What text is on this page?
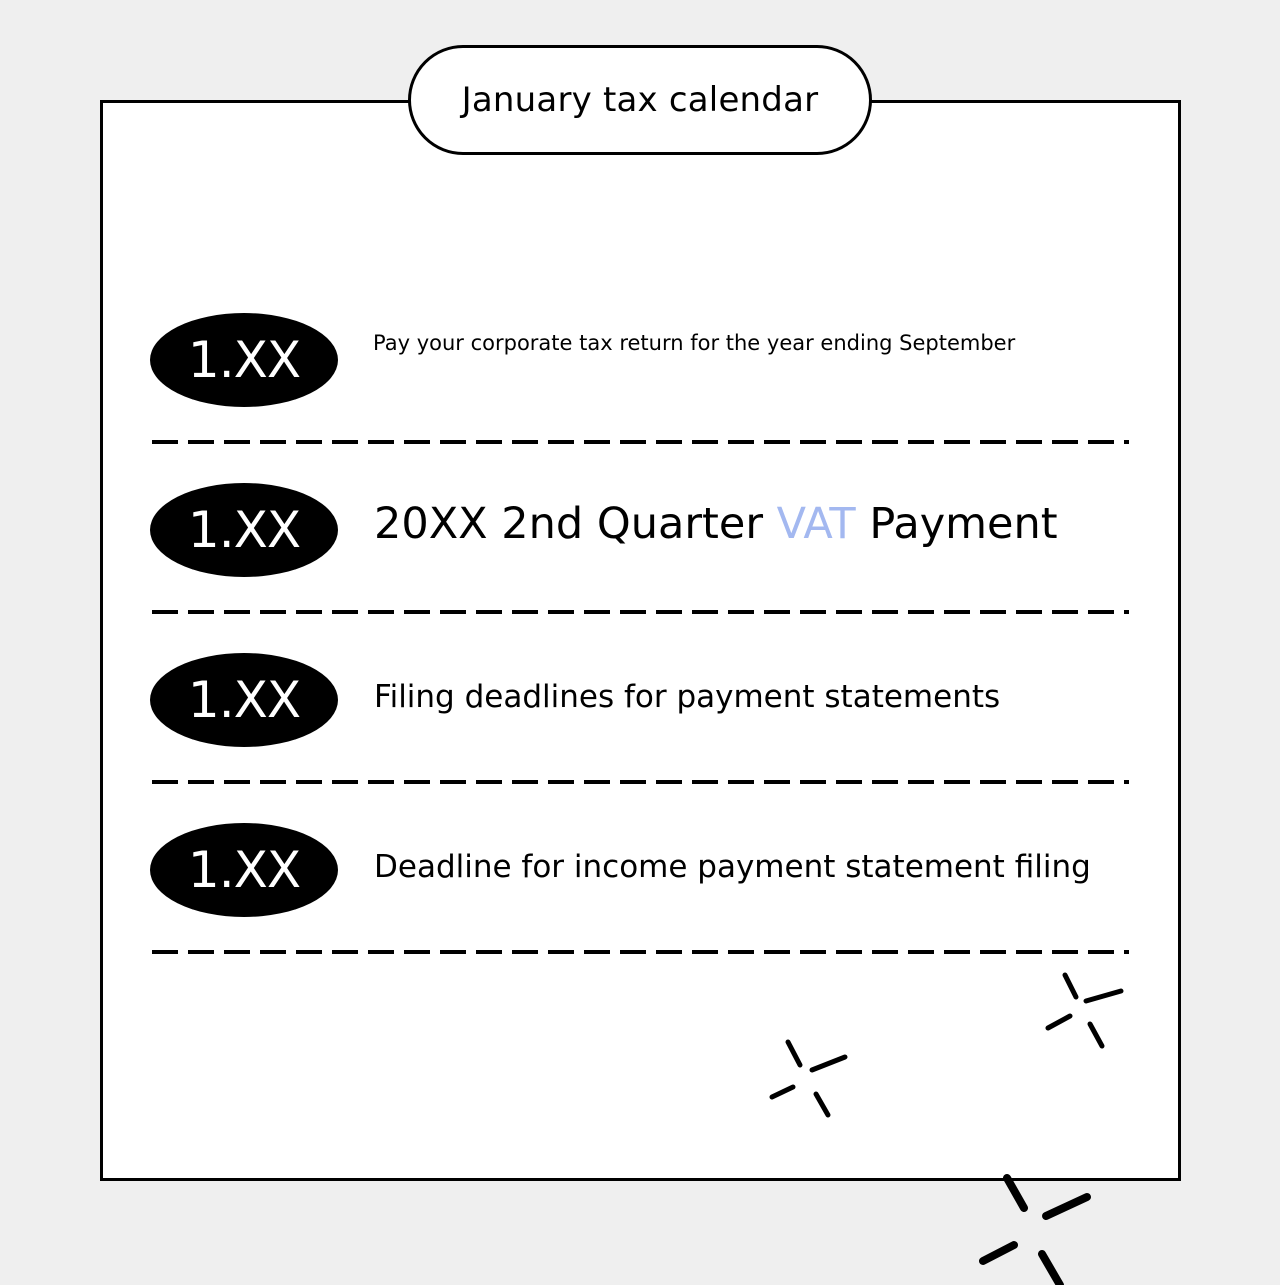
January tax calendar
1.XX	Pay your corporate tax return for the year ending September
1.XX	20XX 2nd Quarter VAT Payment
1.XX	Filing deadlines for payment statements
1.XX	Deadline for income payment statement filing
